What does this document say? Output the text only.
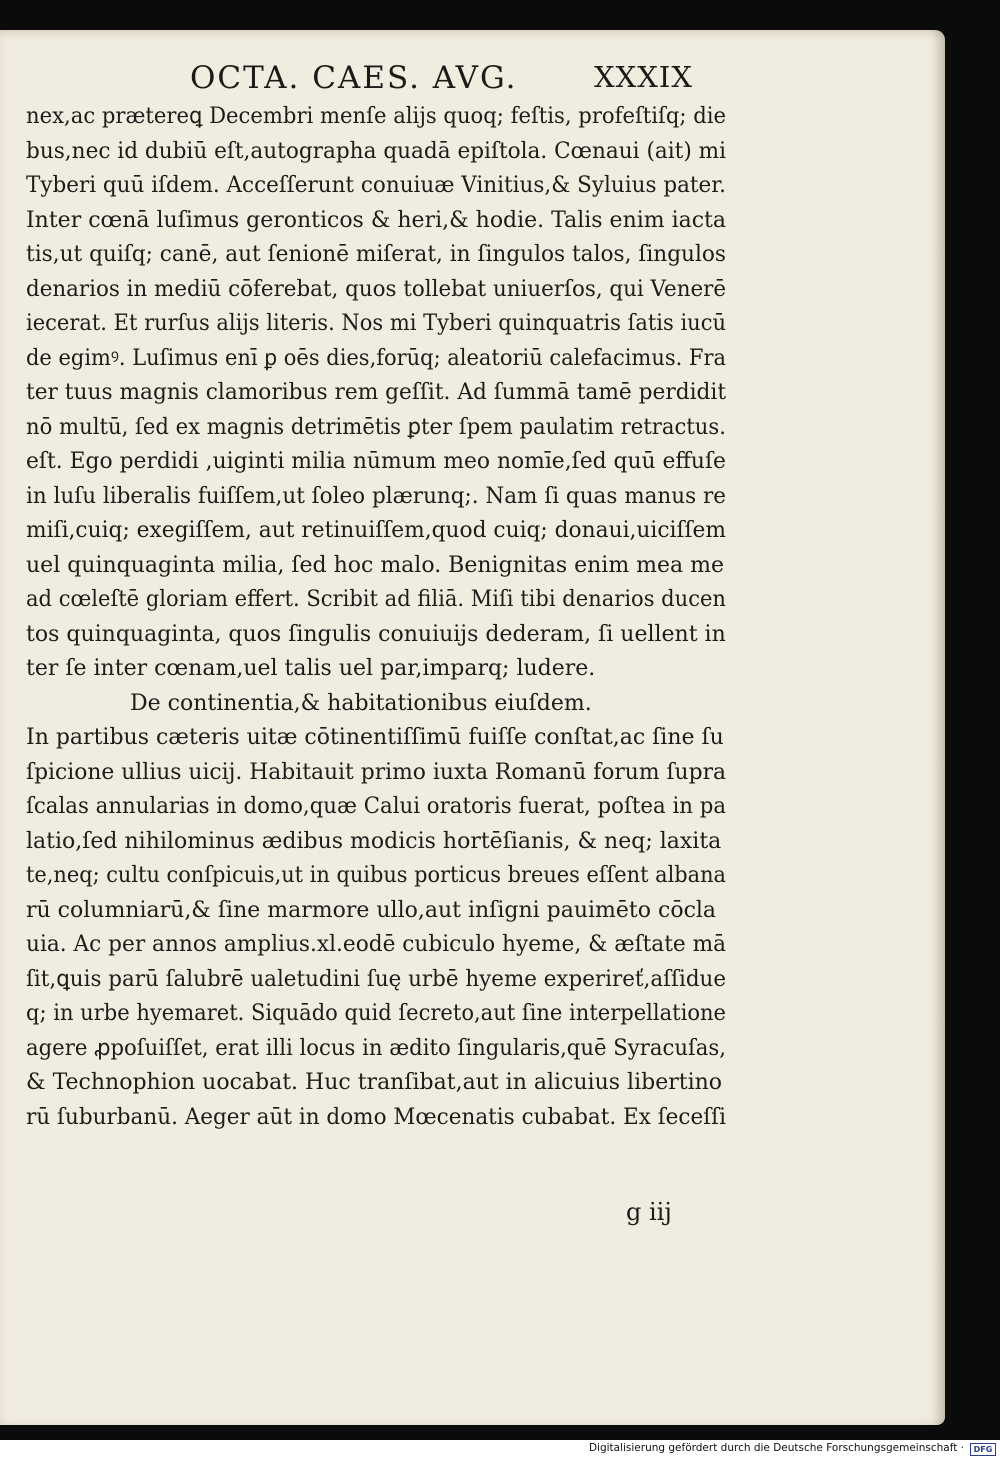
OCTA. CAES. AVG.	XXXIX
nex,ac prætereꝗ Decembri menſe alijs quoq; feſtis, profeſtiſq; die
bus,nec id dubiū eſt,autographa quadā epiſtola. Cœnaui (ait) mi
Tyberi quū iſdem. Acceſſerunt conuiuæ Vinitius,& Syluius pater.
Inter cœnā luſimus geronticos & heri,& hodie. Talis enim iacta
tis,ut quiſq; canē, aut ſenionē miſerat, in ſingulos talos, ſingulos
denarios in mediū cōferebat, quos tollebat uniuerſos, qui Venerē
iecerat. Et rurſus alijs literis. Nos mi Tyberi quinquatris ſatis iucū
de egimꝰ. Luſimus enī ꝑ oēs dies,forūq; aleatoriū calefacimus. Fra
ter tuus magnis clamoribus rem geſſit. Ad ſummā tamē perdidit
nō multū, ſed ex magnis detrimētis ꝑter ſpem paulatim retractus.
eſt. Ego perdidi ,uiginti milia nūmum meo nomīe,ſed quū effuſe
in luſu liberalis fuiſſem,ut ſoleo plærunq;. Nam ſi quas manus re
miſi,cuiq; exegiſſem, aut retinuiſſem,quod cuiq; donaui,uiciſſem
uel quinquaginta milia, ſed hoc malo. Benignitas enim mea me
ad cœleſtē gloriam effert. Scribit ad filiā. Miſi tibi denarios ducen
tos quinquaginta, quos ſingulis conuiuijs dederam, ſi uellent in
ter ſe inter cœnam,uel talis uel par,imparq; ludere.
De continentia,& habitationibus eiuſdem.
In partibus cæteris uitæ cōtinentiſſimū fuiſſe conſtat,ac ſine ſu
ſpicione ullius uicij. Habitauit primo iuxta Romanū forum ſupra
ſcalas annularias in domo,quæ Calui oratoris fuerat, poſtea in pa
latio,ſed nihilominus ædibus modicis hortēſianis, & neq; laxita
te,neq; cultu conſpicuis,ut in quibus porticus breues eſſent albana
rū columniarū,& ſine marmore ullo,aut inſigni pauimēto cōcla
uia. Ac per annos amplius.xl.eodē cubiculo hyeme, & æſtate mā
ſit,ꝗuis parū ſalubrē ualetudini ſuę urbē hyeme experireť,aſſidue
q; in urbe hyemaret. Siquādo quid ſecreto,aut ſine interpellatione
agere ꝓpoſuiſſet, erat illi locus in ædito ſingularis,quē Syracuſas,
& Technophion uocabat. Huc tranſibat,aut in alicuius libertino
rū ſuburbanū. Aeger aūt in domo Mœcenatis cubabat. Ex ſeceſſi
g iij
Digitalisierung gefördert durch die Deutsche Forschungsgemeinschaft ·	DFG
